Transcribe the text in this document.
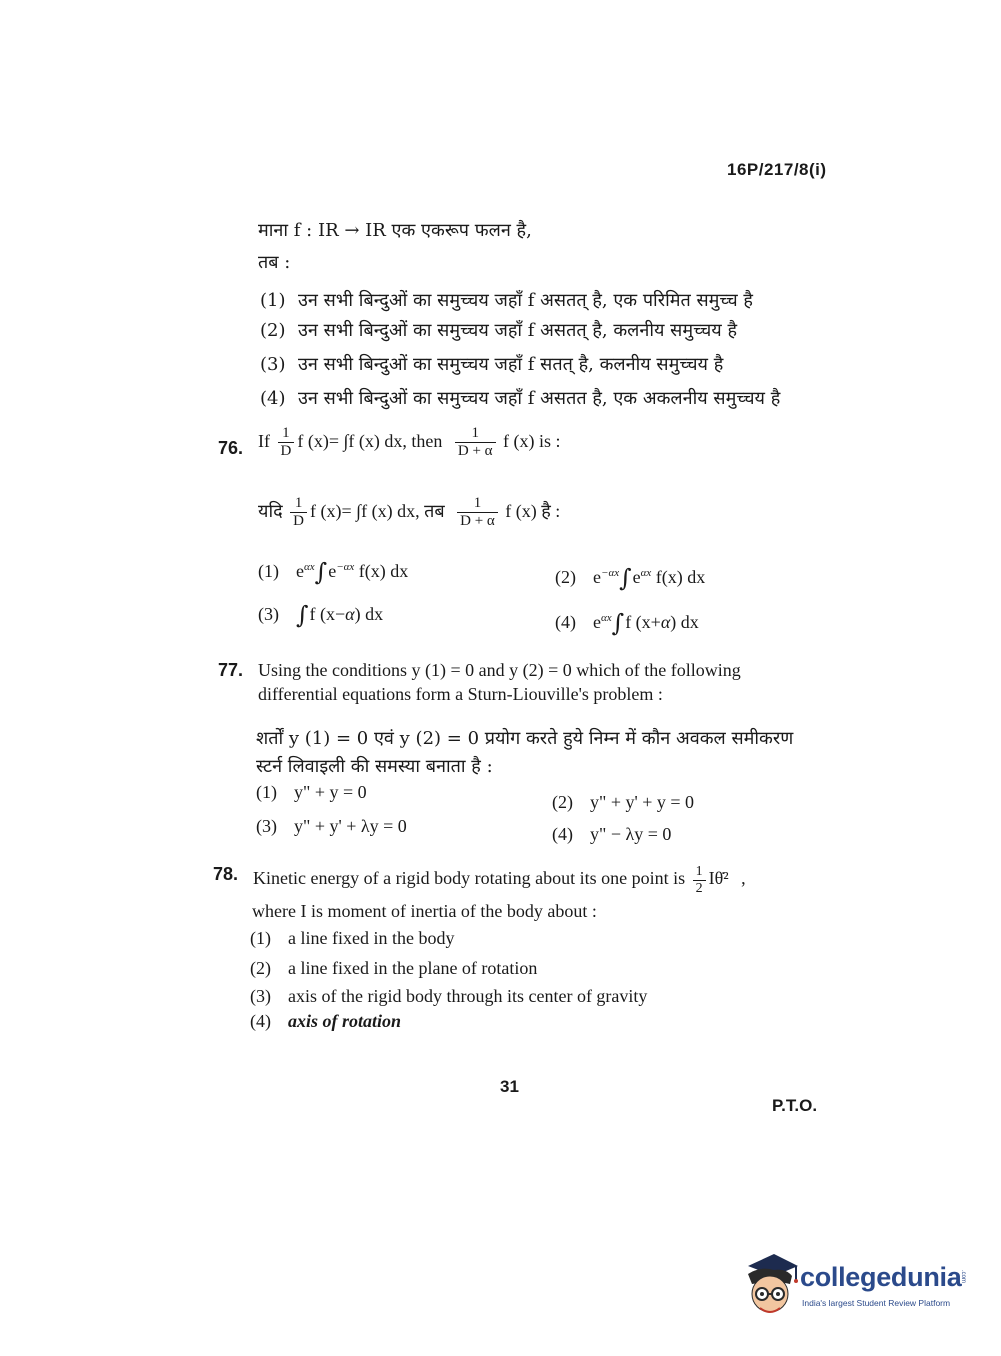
16P/217/8(i)
माना f : IR → IR एक एकरूप फलन है,
तब :
(1) उन सभी बिन्दुओं का समुच्चय जहाँ f असतत् है, एक परिमित समुच्च है
(2) उन सभी बिन्दुओं का समुच्चय जहाँ f असतत् है, कलनीय समुच्चय है
(3) उन सभी बिन्दुओं का समुच्चय जहाँ f सतत् है, कलनीय समुच्चय है
(4) उन सभी बिन्दुओं का समुच्चय जहाँ f असतत है, एक अकलनीय समुच्चय है
76. If $\frac{1}{D}$ f (x)= ∫f (x) dx, then $\frac{1}{D + \alpha}$ f (x) is :
यदि $\frac{1}{D}$ f (x)= ∫f (x) dx, तब $\frac{1}{D + \alpha}$ f (x) है :
(1) $e^{\alpha x}\int e^{-\alpha x}$ f(x) dx	(2) $e^{-\alpha x}\int e^{\alpha x}$ f(x) dx
(3) ∫f (x−α) dx	(4) $e^{\alpha x}\int f$ (x+α) dx
77. Using the conditions y (1) = 0 and y (2) = 0 which of the following
differential equations form a Sturn-Liouville's problem :
शर्तों y (1) = 0 एवं y (2) = 0 प्रयोग करते हुये निम्न में कौन अवकल समीकरण
स्टर्न लिवाइली की समस्या बनाता है :
(1) y" + y = 0	(2) y" + y' + y = 0
(3) y" + y' + λy = 0	(4) y" − λy = 0
78. Kinetic energy of a rigid body rotating about its one point is $\frac{1}{2}$ Iθ̇² ,
where I is moment of inertia of the body about :
(1) a line fixed in the body
(2) a line fixed in the plane of rotation
(3) axis of the rigid body through its center of gravity
(4) axis of rotation
31
P.T.O.
collegedunia
.com
India's largest Student Review Platform
